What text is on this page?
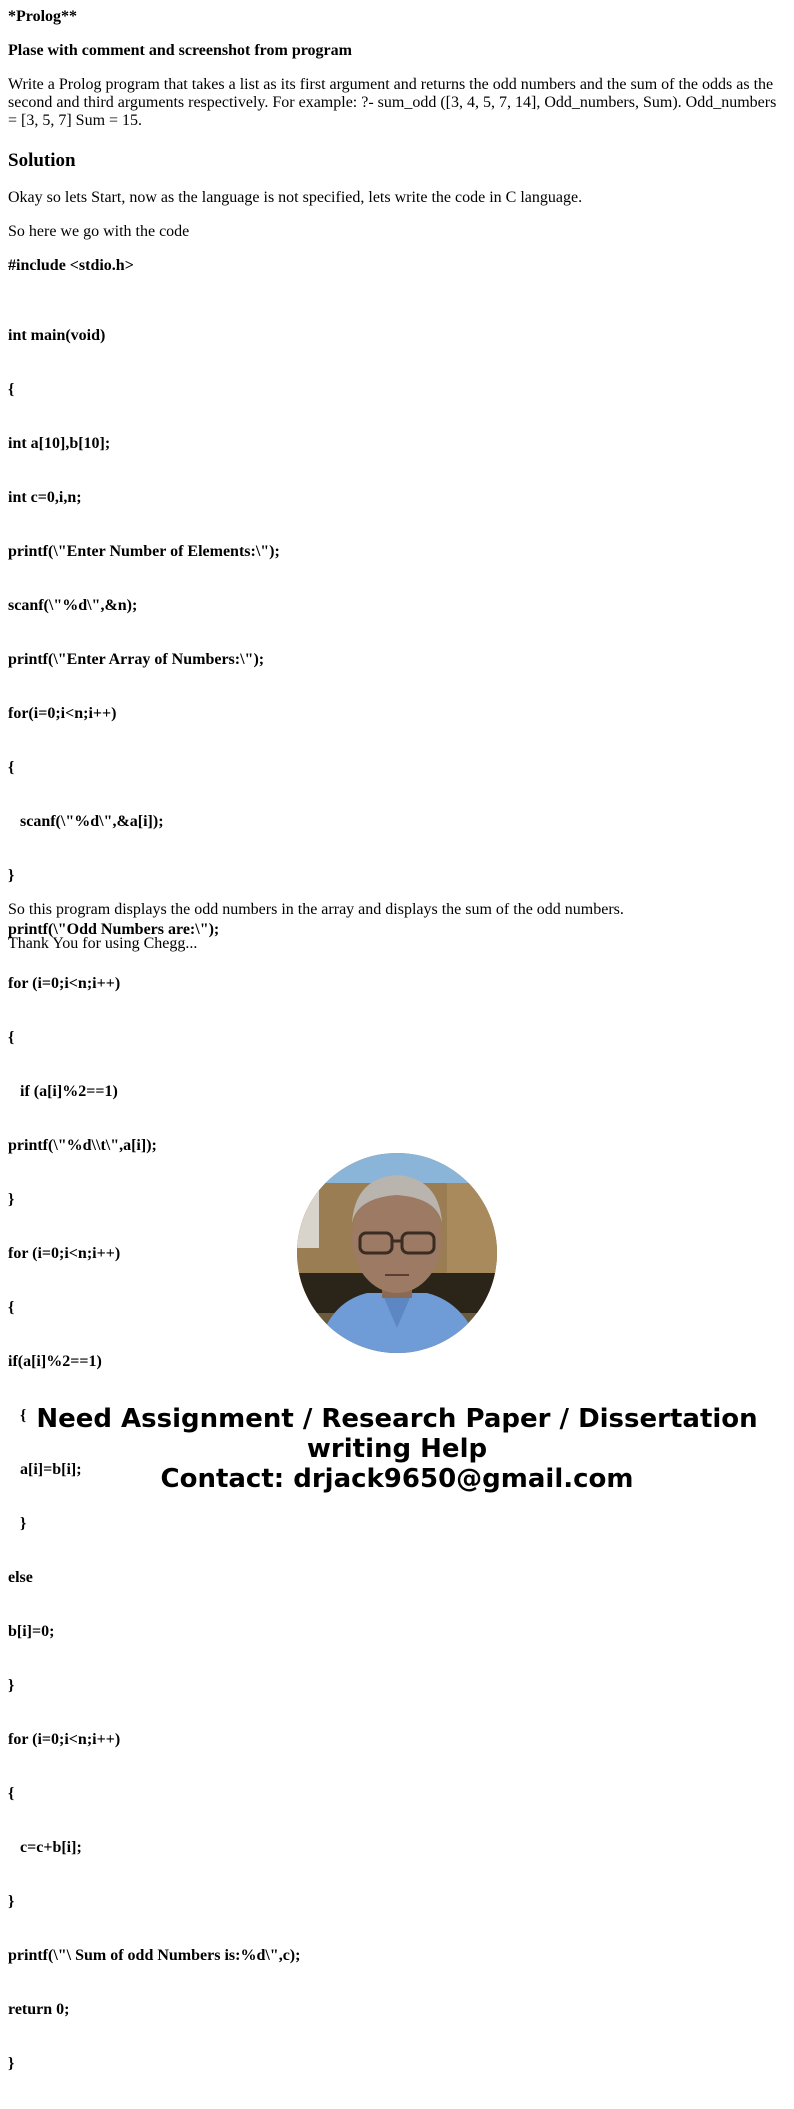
*Prolog**

Plase with comment and screenshot from program

Write a Prolog program that takes a list as its first argument and returns the odd numbers and the sum of the odds as the second and third arguments respectively. For example: ?- sum_odd ([3, 4, 5, 7, 14], Odd_numbers, Sum). Odd_numbers = [3, 5, 7] Sum = 15.

Solution

Okay so lets Start, now as the language is not specified, lets write the code in C language.

So here we go with the code

#include <stdio.h>

int main(void)

{

int a[10],b[10];

int c=0,i,n;

printf(\"Enter Number of Elements:\");

scanf(\"%d\",&n);

printf(\"Enter Array of Numbers:\");

for(i=0;i<n;i++)

{

scanf(\"%d\",&a[i]);

}

printf(\"Odd Numbers are:\");

for (i=0;i<n;i++)

{

if (a[i]%2==1)

printf(\"%d\\t\",a[i]);

}

for (i=0;i<n;i++)

{

if(a[i]%2==1)

{

a[i]=b[i];

}

else

b[i]=0;

}

for (i=0;i<n;i++)

{

c=c+b[i];

}

printf(\"\ Sum of odd Numbers is:%d\",c);

return 0;

}

So this program displays the odd numbers in the array and displays the sum of the odd numbers.

Thank You for using Chegg...

Need Assignment / Research Paper / Dissertation
writing Help
Contact: drjack9650@gmail.com
